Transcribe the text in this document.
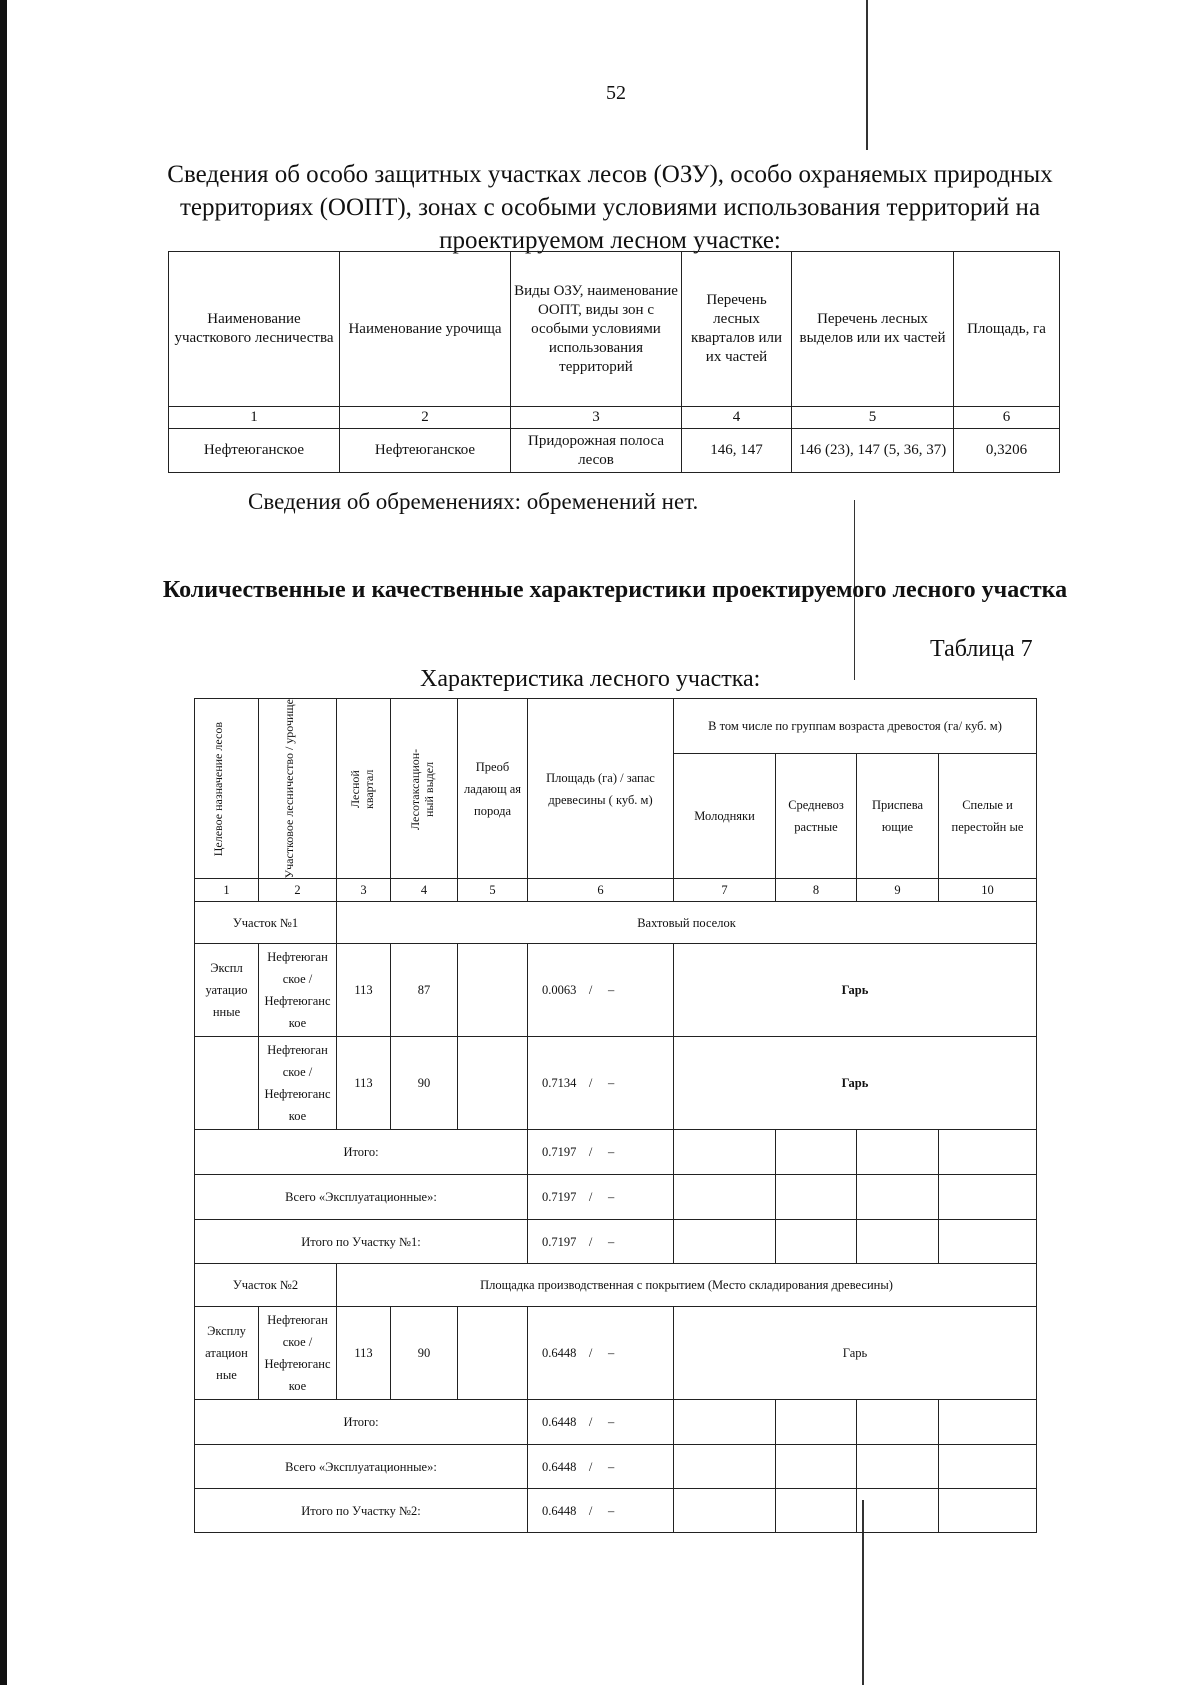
52
Сведения об особо защитных участках лесов (ОЗУ), особо охраняемых природных территориях (ООПТ), зонах с особыми условиями использования территорий на проектируемом лесном участке:
Наименование участкового лесничества	Наименование урочища	Виды ОЗУ, наименование ООПТ, виды зон с особыми условиями использования территорий	Перечень лесных кварталов или их частей	Перечень лесных выделов или их частей	Площадь, га
1	2	3	4	5	6
Нефтеюганское	Нефтеюганское	Придорожная полоса лесов	146, 147	146 (23), 147 (5, 36, 37)	0,3206
Сведения об обременениях: обременений нет.
Количественные и качественные характеристики проектируемого лесного участка
Таблица 7
Характеристика лесного участка:
Целевое назначение лесов	Участковое лесничество / урочище	Лесной квартал	Лесотаксацион-ный выдел	Преоб ладающ ая порода	Площадь (га) / запас древесины ( куб. м)	В том числе по группам возраста древостоя (га/ куб. м)			
						Молодняки	Средневоз растные	Приспева ющие	Спелые и перестойн ые
1	2	3	4	5	6	7	8	9	10
Участок №1		Вахтовый поселок							
Экспл уатацио нные	Нефтеюган ское / Нефтеюганс кое	113	87		0.0063 / –	Гарь			
	Нефтеюган ское / Нефтеюганс кое	113	90		0.7134 / –	Гарь			
Итого:					0.7197 / –				
Всего «Эксплуатационные»:					0.7197 / –				
Итого по Участку №1:					0.7197 / –				
Участок №2		Площадка производственная с покрытием (Место складирования древесины)							
Эксплу атацион ные	Нефтеюган ское / Нефтеюганс кое	113	90		0.6448 / –	Гарь			
Итого:					0.6448 / –				
Всего «Эксплуатационные»:					0.6448 / –				
Итого по Участку №2:					0.6448 / –				
